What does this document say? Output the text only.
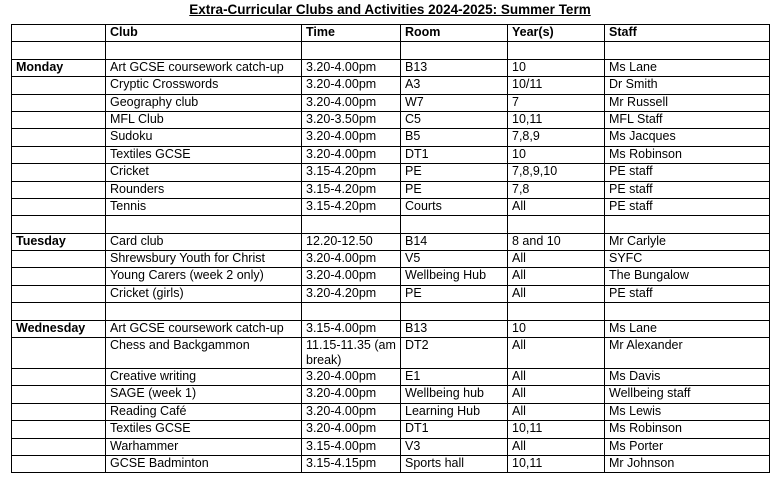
Extra-Curricular Clubs and Activities 2024-2025: Summer Term
	Club	Time	Room	Year(s)	Staff

Monday	Art GCSE coursework catch-up	3.20-4.00pm	B13	10	Ms Lane
	Cryptic Crosswords	3.20-4.00pm	A3	10/11	Dr Smith
	Geography club	3.20-4.00pm	W7	7	Mr Russell
	MFL Club	3.20-3.50pm	C5	10,11	MFL Staff
	Sudoku	3.20-4.00pm	B5	7,8,9	Ms Jacques
	Textiles GCSE	3.20-4.00pm	DT1	10	Ms Robinson
	Cricket	3.15-4.20pm	PE	7,8,9,10	PE staff
	Rounders	3.15-4.20pm	PE	7,8	PE staff
	Tennis	3.15-4.20pm	Courts	All	PE staff

Tuesday	Card club	12.20-12.50	B14	8 and 10	Mr Carlyle
	Shrewsbury Youth for Christ	3.20-4.00pm	V5	All	SYFC
	Young Carers (week 2 only)	3.20-4.00pm	Wellbeing Hub	All	The Bungalow
	Cricket (girls)	3.20-4.20pm	PE	All	PE staff

Wednesday	Art GCSE coursework catch-up	3.15-4.00pm	B13	10	Ms Lane
	Chess and Backgammon	11.15-11.35 (am break)	DT2	All	Mr Alexander
	Creative writing	3.20-4.00pm	E1	All	Ms Davis
	SAGE (week 1)	3.20-4.00pm	Wellbeing hub	All	Wellbeing staff
	Reading Café	3.20-4.00pm	Learning Hub	All	Ms Lewis
	Textiles GCSE	3.20-4.00pm	DT1	10,11	Ms Robinson
	Warhammer	3.15-4.00pm	V3	All	Ms Porter
	GCSE Badminton	3.15-4.15pm	Sports hall	10,11	Mr Johnson
